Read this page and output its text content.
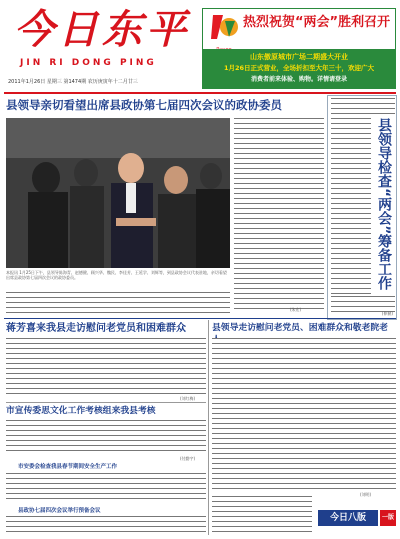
今日东平
JIN RI DONG PING
2011年1月26日 星期三 第1474期 农历庚寅年十二月廿三
热烈祝贺“两会”胜利召开
山东傲原城市广场二期盛大开业
1月26日正式营业，全场折扣至大年三十，欢迎广大
消费者前来体验、购物。详情请登录
县领导亲切看望出席县政协第七届四次会议的政协委员
本报讯 1月25日下午，县领导陈海青、赵德健、顾兴华、魏民、李佳芳、王延学、刘辉等，到县政协会议代表驻地，亲切看望出席县政协第七届四次会议的政协委员。
(朱宏)
县领导检查“两会”筹备工作
(伸赫)
蒋芳喜来我县走访慰问老党员和困难群众
(刘红梅)
县领导走访慰问老党员、困难群众和敬老院老
(刘明)
市宣传委思文化工作考核组来我县考核
(付勤宇)
市安委会检查我县春节期间安全生产工作
县政协七届四次会议举行预备会议
今日八版	一版
